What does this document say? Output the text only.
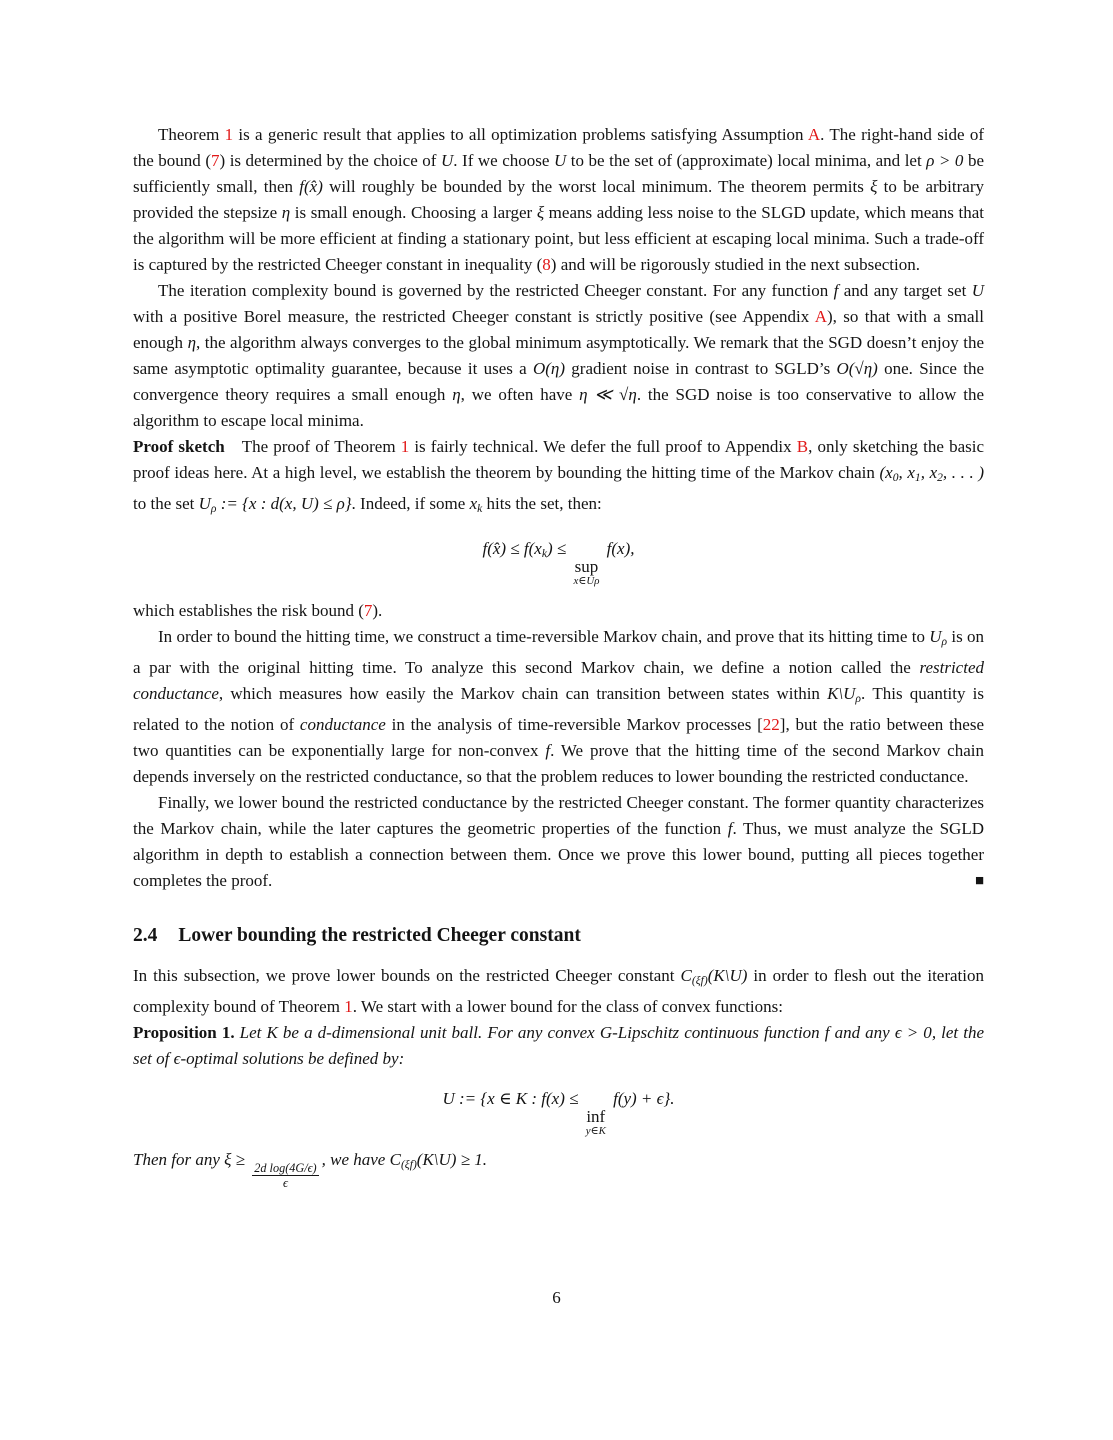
Theorem 1 is a generic result that applies to all optimization problems satisfying Assumption A. The right-hand side of the bound (7) is determined by the choice of U. If we choose U to be the set of (approximate) local minima, and let ρ > 0 be sufficiently small, then f(x̂) will roughly be bounded by the worst local minimum. The theorem permits ξ to be arbitrary provided the stepsize η is small enough. Choosing a larger ξ means adding less noise to the SLGD update, which means that the algorithm will be more efficient at finding a stationary point, but less efficient at escaping local minima. Such a trade-off is captured by the restricted Cheeger constant in inequality (8) and will be rigorously studied in the next subsection.

The iteration complexity bound is governed by the restricted Cheeger constant. For any function f and any target set U with a positive Borel measure, the restricted Cheeger constant is strictly positive (see Appendix A), so that with a small enough η, the algorithm always converges to the global minimum asymptotically. We remark that the SGD doesn’t enjoy the same asymptotic optimality guarantee, because it uses a O(η) gradient noise in contrast to SGLD’s O(√η) one. Since the convergence theory requires a small enough η, we often have η ≪ √η. the SGD noise is too conservative to allow the algorithm to escape local minima.

Proof sketch  The proof of Theorem 1 is fairly technical. We defer the full proof to Appendix B, only sketching the basic proof ideas here. At a high level, we establish the theorem by bounding the hitting time of the Markov chain (x0, x1, x2, . . . ) to the set Uρ := {x : d(x, U) ≤ ρ}. Indeed, if some xk hits the set, then:

f(x̂) ≤ f(xk) ≤
sup
x∈Uρ
f(x),

which establishes the risk bound (7).

In order to bound the hitting time, we construct a time-reversible Markov chain, and prove that its hitting time to Uρ is on a par with the original hitting time. To analyze this second Markov chain, we define a notion called the restricted conductance, which measures how easily the Markov chain can transition between states within K\Uρ. This quantity is related to the notion of conductance in the analysis of time-reversible Markov processes [22], but the ratio between these two quantities can be exponentially large for non-convex f. We prove that the hitting time of the second Markov chain depends inversely on the restricted conductance, so that the problem reduces to lower bounding the restricted conductance.

Finally, we lower bound the restricted conductance by the restricted Cheeger constant. The former quantity characterizes the Markov chain, while the later captures the geometric properties of the function f. Thus, we must analyze the SGLD algorithm in depth to establish a connection between them. Once we prove this lower bound, putting all pieces together completes the proof.	■

2.4 Lower bounding the restricted Cheeger constant

In this subsection, we prove lower bounds on the restricted Cheeger constant C(ξf)(K\U) in order to flesh out the iteration complexity bound of Theorem 1. We start with a lower bound for the class of convex functions:

Proposition 1. Let K be a d-dimensional unit ball. For any convex G-Lipschitz continuous function f and any ϵ > 0, let the set of ϵ-optimal solutions be defined by:

U := {x ∈ K : f(x) ≤
inf
y∈K
f(y) + ϵ}.

Then for any ξ ≥
$\frac{\text{2d log(4G/ϵ)}}{\epsilon}$
, we have C(ξf)(K\U) ≥ 1.

6
